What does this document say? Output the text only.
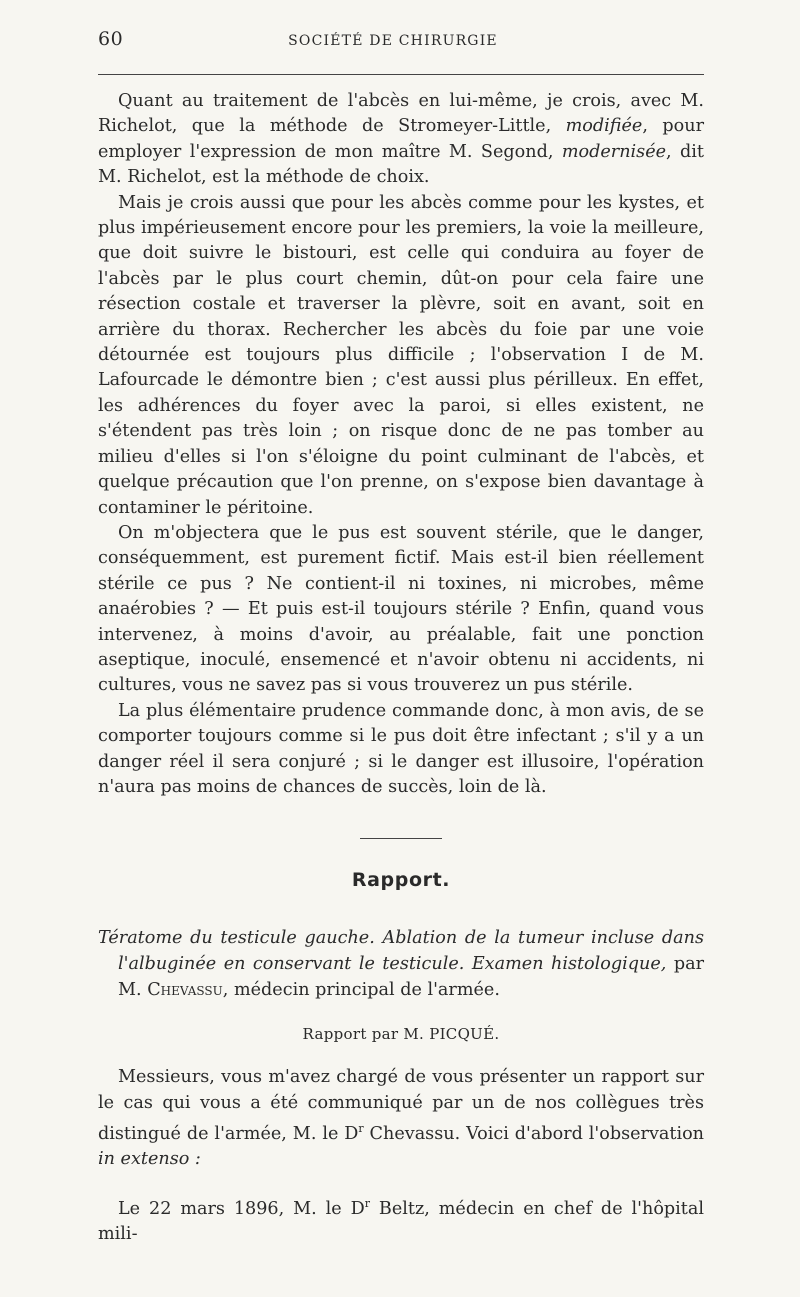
60	SOCIÉTÉ DE CHIRURGIE

Quant au traitement de l'abcès en lui-même, je crois, avec M. Richelot, que la méthode de Stromeyer-Little, modifiée, pour employer l'expression de mon maître M. Segond, modernisée, dit M. Richelot, est la méthode de choix.

Mais je crois aussi que pour les abcès comme pour les kystes, et plus impérieusement encore pour les premiers, la voie la meilleure, que doit suivre le bistouri, est celle qui conduira au foyer de l'abcès par le plus court chemin, dût-on pour cela faire une résection costale et traverser la plèvre, soit en avant, soit en arrière du thorax. Rechercher les abcès du foie par une voie détournée est toujours plus difficile ; l'observation I de M. Lafourcade le démontre bien ; c'est aussi plus périlleux. En effet, les adhérences du foyer avec la paroi, si elles existent, ne s'étendent pas très loin ; on risque donc de ne pas tomber au milieu d'elles si l'on s'éloigne du point culminant de l'abcès, et quelque précaution que l'on prenne, on s'expose bien davantage à contaminer le péritoine.

On m'objectera que le pus est souvent stérile, que le danger, conséquemment, est purement fictif. Mais est-il bien réellement stérile ce pus ? Ne contient-il ni toxines, ni microbes, même anaérobies ? — Et puis est-il toujours stérile ? Enfin, quand vous intervenez, à moins d'avoir, au préalable, fait une ponction aseptique, inoculé, ensemencé et n'avoir obtenu ni accidents, ni cultures, vous ne savez pas si vous trouverez un pus stérile.

La plus élémentaire prudence commande donc, à mon avis, de se comporter toujours comme si le pus doit être infectant ; s'il y a un danger réel il sera conjuré ; si le danger est illusoire, l'opération n'aura pas moins de chances de succès, loin de là.

Rapport.
Tératome du testicule gauche. Ablation de la tumeur incluse dans l'albuginée en conservant le testicule. Examen histologique, par M. Chevassu, médecin principal de l'armée.
Rapport par M. PICQUÉ.

Messieurs, vous m'avez chargé de vous présenter un rapport sur le cas qui vous a été communiqué par un de nos collègues très distingué de l'armée, M. le $D^r$ Chevassu. Voici d'abord l'observation in extenso :

Le 22 mars 1896, M. le $D^r$ Beltz, médecin en chef de l'hôpital mili-
